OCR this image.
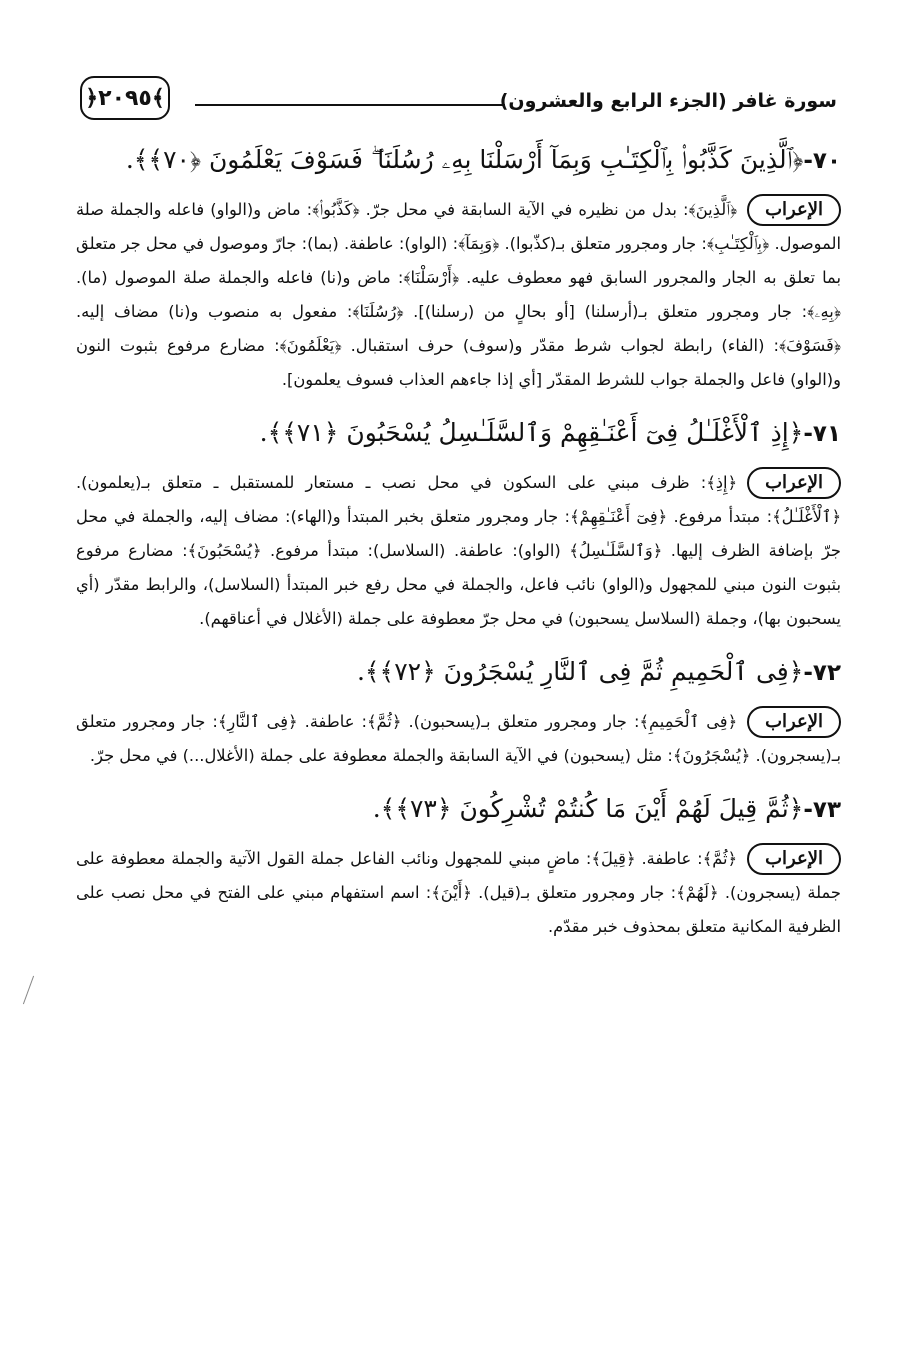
سورة غافر (الجزء الرابع والعشرون)
﴿٢٠٩٥﴾
٧٠-﴿ٱلَّذِينَ كَذَّبُوا۟ بِٱلْكِتَـٰبِ وَبِمَآ أَرْسَلْنَا بِهِۦ رُسُلَنَا ۖ فَسَوْفَ يَعْلَمُونَ ﴿٧٠﴾﴾.
الإعراب﴿ٱلَّذِينَ﴾: بدل من نظيره في الآية السابقة في محل جرّ. ﴿كَذَّبُوا۟﴾: ماض و(الواو) فاعله والجملة صلة الموصول. ﴿بِٱلْكِتَـٰبِ﴾: جار ومجرور متعلق بـ(كذّبوا). ﴿وَبِمَآ﴾: (الواو): عاطفة. (بما): جارّ وموصول في محل جر متعلق بما تعلق به الجار والمجرور السابق فهو معطوف عليه. ﴿أَرْسَلْنَا﴾: ماض و(نا) فاعله والجملة صلة الموصول (ما). ﴿بِهِۦ﴾: جار ومجرور متعلق بـ(أرسلنا) [أو بحالٍ من (رسلنا)]. ﴿رُسُلَنَا﴾: مفعول به منصوب و(نا) مضاف إليه. ﴿فَسَوْفَ﴾: (الفاء) رابطة لجواب شرط مقدّر و(سوف) حرف استقبال. ﴿يَعْلَمُونَ﴾: مضارع مرفوع بثبوت النون و(الواو) فاعل والجملة جواب للشرط المقدّر [أي إذا جاءهم العذاب فسوف يعلمون].
٧١-﴿إِذِ ٱلْأَغْلَـٰلُ فِىٓ أَعْنَـٰقِهِمْ وَٱلسَّلَـٰسِلُ يُسْحَبُونَ ﴿٧١﴾﴾.
الإعراب﴿إِذِ﴾: ظرف مبني على السكون في محل نصب ـ مستعار للمستقبل ـ متعلق بـ(يعلمون). ﴿ٱلْأَغْلَـٰلُ﴾: مبتدأ مرفوع. ﴿فِىٓ أَعْنَـٰقِهِمْ﴾: جار ومجرور متعلق بخبر المبتدأ و(الهاء): مضاف إليه، والجملة في محل جرّ بإضافة الظرف إليها. ﴿وَٱلسَّلَـٰسِلُ﴾ (الواو): عاطفة. (السلاسل): مبتدأ مرفوع. ﴿يُسْحَبُونَ﴾: مضارع مرفوع بثبوت النون مبني للمجهول و(الواو) نائب فاعل، والجملة في محل رفع خبر المبتدأ (السلاسل)، والرابط مقدّر (أي يسحبون بها)، وجملة (السلاسل يسحبون) في محل جرّ معطوفة على جملة (الأغلال في أعناقهم).
٧٢-﴿فِى ٱلْحَمِيمِ ثُمَّ فِى ٱلنَّارِ يُسْجَرُونَ ﴿٧٢﴾﴾.
الإعراب﴿فِى ٱلْحَمِيمِ﴾: جار ومجرور متعلق بـ(يسحبون). ﴿ثُمَّ﴾: عاطفة. ﴿فِى ٱلنَّارِ﴾: جار ومجرور متعلق بـ(يسجرون). ﴿يُسْجَرُونَ﴾: مثل (يسحبون) في الآية السابقة والجملة معطوفة على جملة (الأغلال...) في محل جرّ.
٧٣-﴿ثُمَّ قِيلَ لَهُمْ أَيْنَ مَا كُنتُمْ تُشْرِكُونَ ﴿٧٣﴾﴾.
الإعراب﴿ثُمَّ﴾: عاطفة. ﴿قِيلَ﴾: ماضٍ مبني للمجهول ونائب الفاعل جملة القول الآتية والجملة معطوفة على جملة (يسجرون). ﴿لَهُمْ﴾: جار ومجرور متعلق بـ(قيل). ﴿أَيْنَ﴾: اسم استفهام مبني على الفتح في محل نصب على الظرفية المكانية متعلق بمحذوف خبر مقدّم.
